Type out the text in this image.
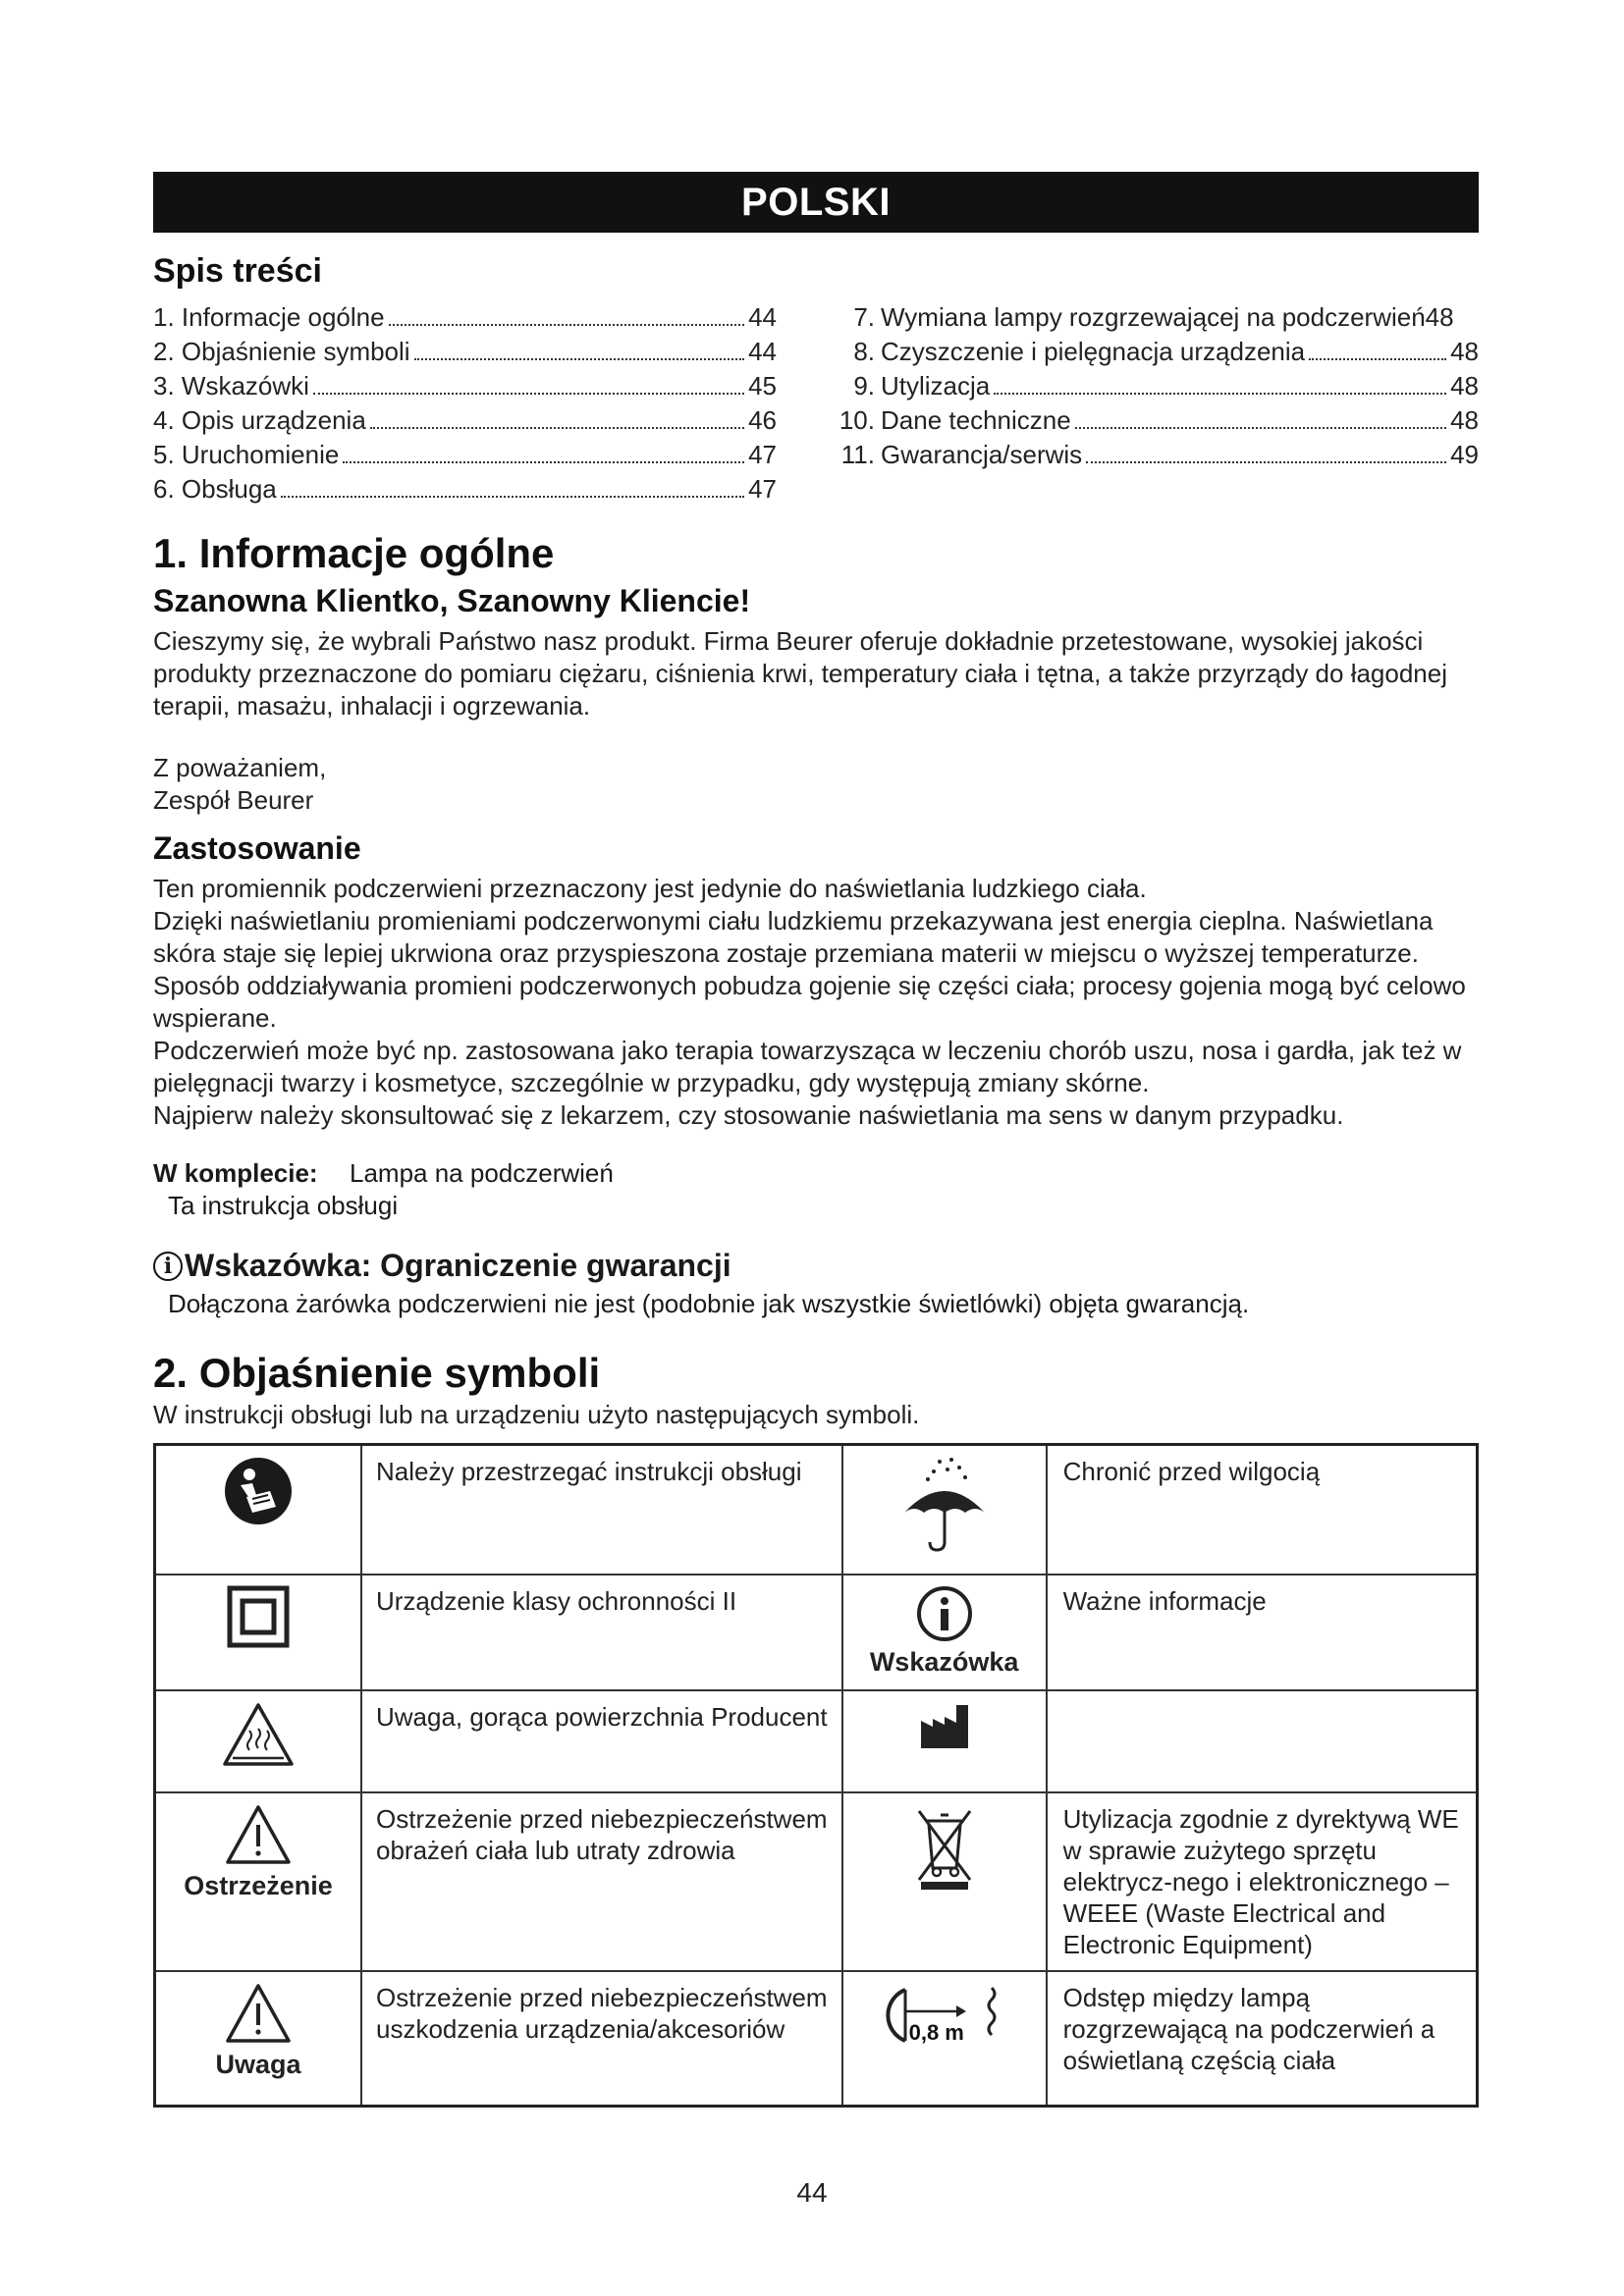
POLSKI
Spis treści
1. Informacje ogólne	44
2. Objaśnienie symboli	44
3. Wskazówki	45
4. Opis urządzenia	46
5. Uruchomienie	47
6. Obsługa	47
7. Wymiana lampy rozgrzewającej na podczerwień 48
8. Czyszczenie i pielęgnacja urządzenia	48
9. Utylizacja	48
10. Dane techniczne	48
11. Gwarancja/serwis	49
1. Informacje ogólne
Szanowna Klientko, Szanowny Kliencie!

Cieszymy się, że wybrali Państwo nasz produkt. Firma Beurer oferuje dokładnie przetestowane, wysokiej jakości produkty przeznaczone do pomiaru ciężaru, ciśnienia krwi, temperatury ciała i tętna, a także przyrządy do łagodnej terapii, masażu, inhalacji i ogrzewania.

Z poważaniem,

Zespół Beurer

Zastosowanie

Ten promiennik podczerwieni przeznaczony jest jedynie do naświetlania ludzkiego ciała.

Dzięki naświetlaniu promieniami podczerwonymi ciału ludzkiemu przekazywana jest energia cieplna. Naświetlana skóra staje się lepiej ukrwiona oraz przyspieszona zostaje przemiana materii w miejscu o wyższej temperaturze. Sposób oddziaływania promieni podczerwonych pobudza gojenie się części ciała; procesy gojenia mogą być celowo wspierane.

Podczerwień może być np. zastosowana jako terapia towarzysząca w leczeniu chorób uszu, nosa i gardła, jak też w pielęgnacji twarzy i kosmetyce, szczególnie w przypadku, gdy występują zmiany skórne.

Najpierw należy skonsultować się z lekarzem, czy stosowanie naświetlania ma sens w danym przypadku.

W komplecie:	Lampa na podczerwień
Ta instrukcja obsługi
i Wskazówka: Ograniczenie gwarancji
Dołączona żarówka podczerwieni nie jest (podobnie jak wszystkie świetlówki) objęta gwarancją.
2. Objaśnienie symboli

W instrukcji obsługi lub na urządzeniu użyto następujących symboli.

	Należy przestrzegać instrukcji obsługi		Chronić przed wilgocią
	Urządzenie klasy ochronności II	Wskazówka	Ważne informacje
	Uwaga, gorąca powierzchnia Producent		

Ostrzeżenie	Ostrzeżenie przed niebezpieczeństwem obrażeń ciała lub utraty zdrowia		Utylizacja zgodnie z dyrektywą WE w sprawie zużytego sprzętu elektrycz-nego i elektronicznego – WEEE (Waste Electrical and Electronic Equipment)

Uwaga	Ostrzeżenie przed niebezpieczeństwem uszkodzenia urządzenia/akcesoriów	0,8 m	Odstęp między lampą rozgrzewającą na podczerwień a oświetlaną częścią ciała
44
